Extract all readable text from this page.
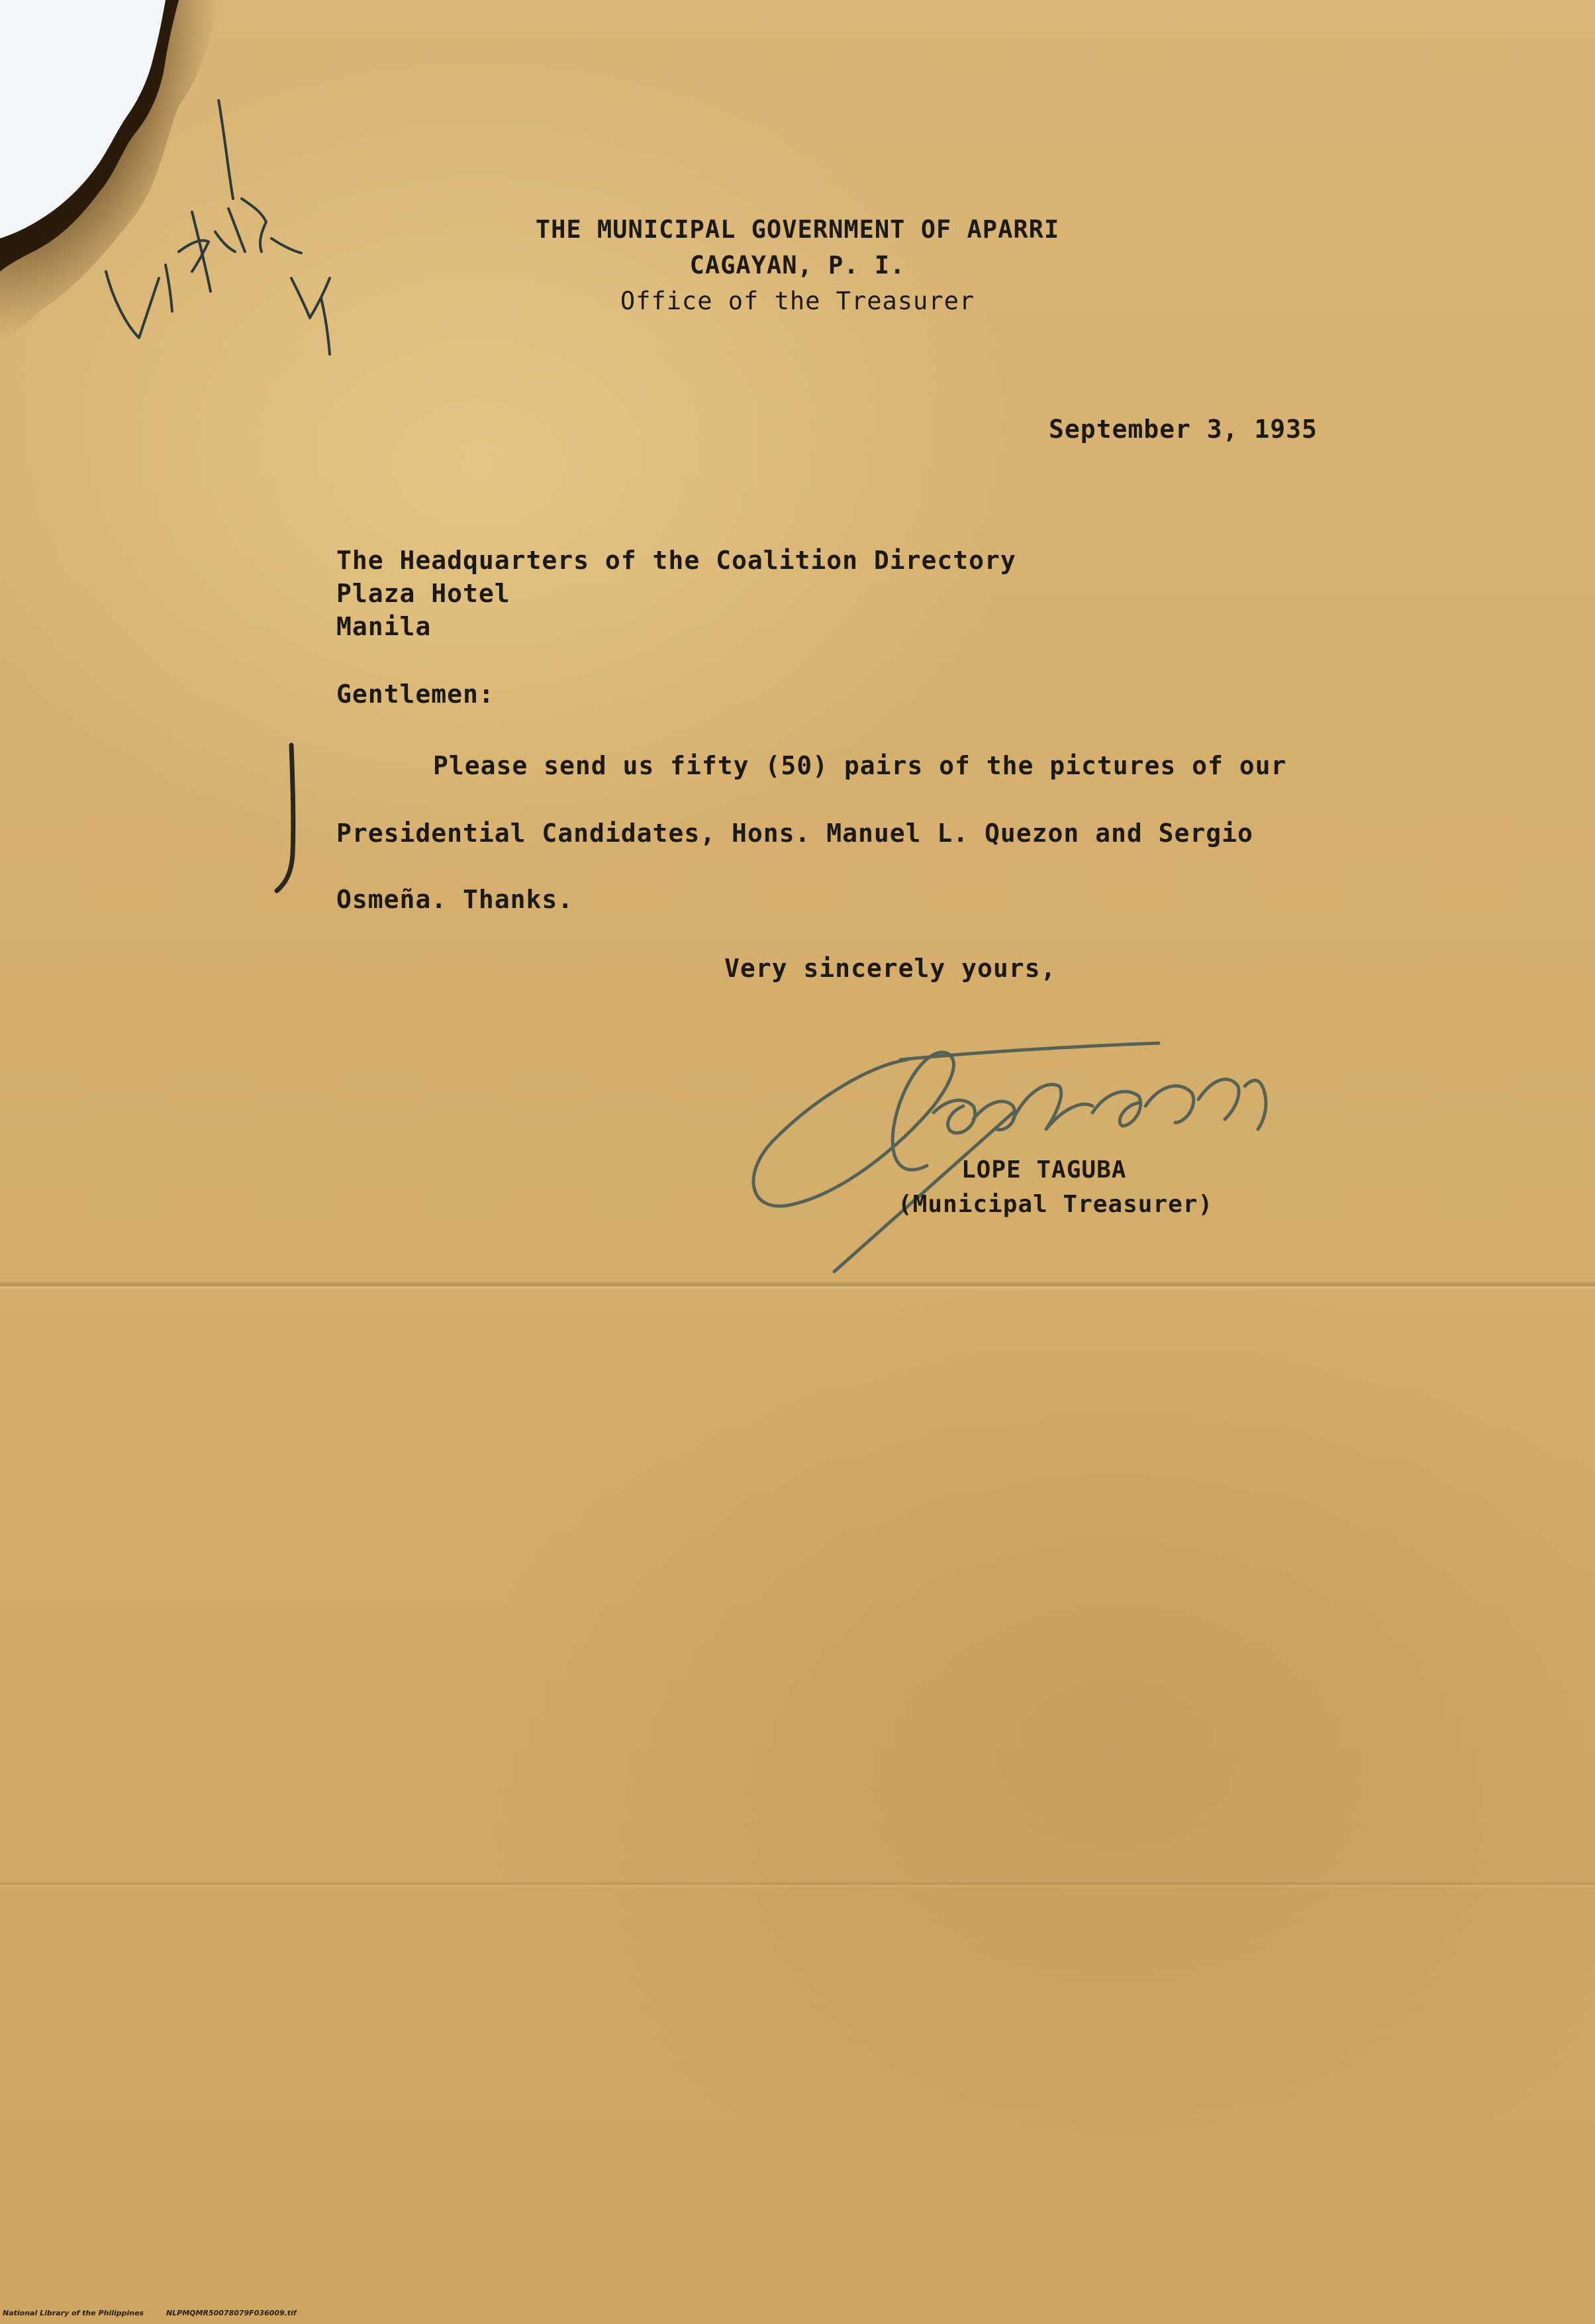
THE MUNICIPAL GOVERNMENT OF APARRI
CAGAYAN, P. I.
Office of the Treasurer
September 3, 1935
The Headquarters of the Coalition Directory
Plaza Hotel
Manila
Gentlemen:
Please send us fifty (50) pairs of the pictures of our
Presidential Candidates, Hons. Manuel L. Quezon and Sergio
Osmeña. Thanks.
Very sincerely yours,
LOPE TAGUBA
(Municipal Treasurer)
National Library of the Philippines	NLPMQMR50078079F036009.tif
